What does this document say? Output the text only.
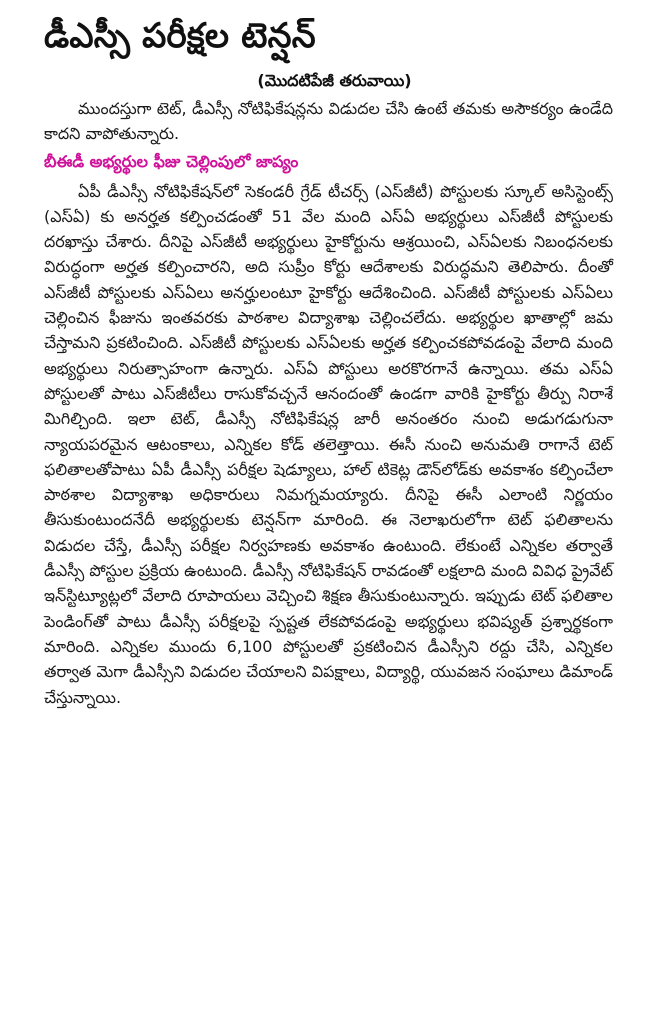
డీఎస్సీ పరీక్షల టెన్షన్
(మొదటిపేజీ తరువాయి)

ముందస్తుగా టెట్, డీఎస్సీ నోటిఫికేషన్లను విడుదల చేసి ఉంటే తమకు అసౌకర్యం ఉండేది కాదని వాపోతున్నారు.

బీఈడీ అభ్యర్థుల ఫీజు చెల్లింపులో జాప్యం

ఏపీ డీఎస్సీ నోటిఫికేషన్‌లో సెకండరీ గ్రేడ్ టీచర్స్ (ఎస్‌జీటీ) పోస్టులకు స్కూల్ అసిస్టెంట్స్ (ఎస్‌ఏ) కు అనర్హత కల్పించడంతో 51 వేల మంది ఎస్‌ఏ అభ్యర్థులు ఎస్‌జీటీ పోస్టులకు దరఖాస్తు చేశారు. దీనిపై ఎస్‌జీటీ అభ్యర్థులు హైకోర్టును ఆశ్రయించి, ఎస్‌ఏలకు నిబంధనలకు విరుద్ధంగా అర్హత కల్పించారని, అది సుప్రీం కోర్టు ఆదేశాలకు విరుద్ధమని తెలిపారు. దీంతో ఎస్‌జీటీ పోస్టులకు ఎస్‌ఏలు అనర్హులంటూ హైకోర్టు ఆదేశించింది. ఎస్‌జీటీ పోస్టులకు ఎస్‌ఏలు చెల్లించిన ఫీజును ఇంతవరకు పాఠశాల విద్యాశాఖ చెల్లించలేదు. అభ్యర్థుల ఖాతాల్లో జమ చేస్తామని ప్రకటించింది. ఎస్‌జీటీ పోస్టులకు ఎస్‌ఏలకు అర్హత కల్పించకపోవడంపై వేలాది మంది అభ్యర్థులు నిరుత్సాహంగా ఉన్నారు. ఎస్‌ఏ పోస్టులు అరకొరగానే ఉన్నాయి. తమ ఎస్‌ఏ పోస్టులతో పాటు ఎస్‌జీటీలు రాసుకోవచ్చనే ఆనందంతో ఉండగా వారికి హైకోర్టు తీర్పు నిరాశే మిగిల్చింది. ఇలా టెట్, డీఎస్సీ నోటిఫికేషన్ల జారీ అనంతరం నుంచి అడుగడుగునా న్యాయపరమైన ఆటంకాలు, ఎన్నికల కోడ్ తలెత్తాయి. ఈసీ నుంచి అనుమతి రాగానే టెట్ ఫలితాలతోపాటు ఏపీ డీఎస్సీ పరీక్షల షెడ్యూలు, హాల్ టికెట్ల డౌన్‌లోడ్‌కు అవకాశం కల్పించేలా పాఠశాల విద్యాశాఖ అధికారులు నిమగ్నమయ్యారు. దీనిపై ఈసీ ఎలాంటి నిర్ణయం తీసుకుంటుందనేదీ అభ్యర్థులకు టెన్షన్‌గా మారింది. ఈ నెలాఖరులోగా టెట్ ఫలితాలను విడుదల చేస్తే, డీఎస్సీ పరీక్షల నిర్వహణకు అవకాశం ఉంటుంది. లేకుంటే ఎన్నికల తర్వాతే డీఎస్సీ పోస్టుల ప్రక్రియ ఉంటుంది. డీఎస్సీ నోటిఫికేషన్ రావడంతో లక్షలాది మంది వివిధ ప్రైవేట్ ఇన్‌స్టిట్యూట్లలో వేలాది రూపాయలు వెచ్చించి శిక్షణ తీసుకుంటున్నారు. ఇప్పుడు టెట్ ఫలితాల పెండింగ్‌తో పాటు డీఎస్సీ పరీక్షలపై స్పష్టత లేకపోవడంపై అభ్యర్థులు భవిష్యత్ ప్రశ్నార్థకంగా మారింది. ఎన్నికల ముందు 6,100 పోస్టులతో ప్రకటించిన డీఎస్సీని రద్దు చేసి, ఎన్నికల తర్వాత మెగా డీఎస్సీని విడుదల చేయాలని విపక్షాలు, విద్యార్థి, యువజన సంఘాలు డిమాండ్ చేస్తున్నాయి.
